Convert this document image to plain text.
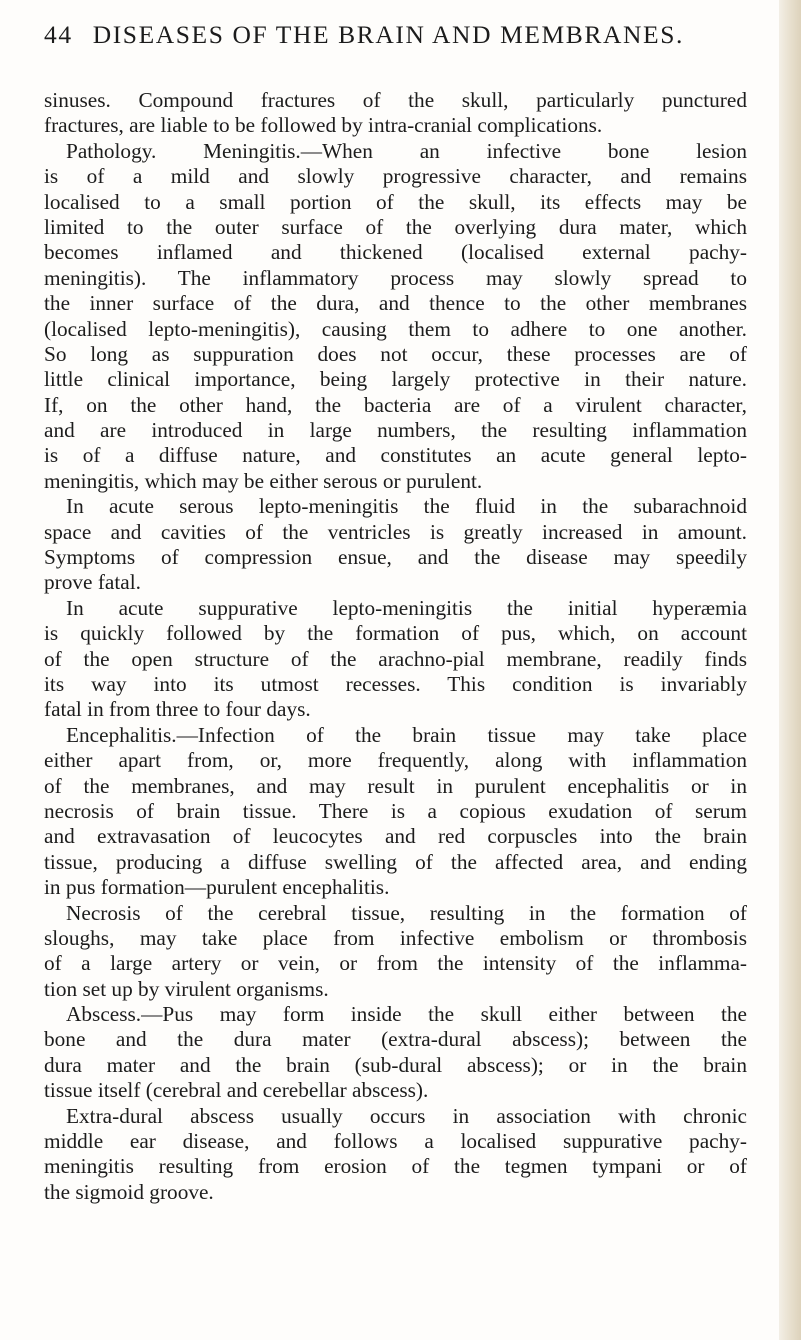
44 DISEASES OF THE BRAIN AND MEMBRANES.
sinuses. Compound fractures of the skull, particularly punctured
fractures, are liable to be followed by intra-cranial complications.
Pathology. Meningitis.—When an infective bone lesion
is of a mild and slowly progressive character, and remains
localised to a small portion of the skull, its effects may be
limited to the outer surface of the overlying dura mater, which
becomes inflamed and thickened (localised external pachy-
meningitis). The inflammatory process may slowly spread to
the inner surface of the dura, and thence to the other membranes
(localised lepto-meningitis), causing them to adhere to one another.
So long as suppuration does not occur, these processes are of
little clinical importance, being largely protective in their nature.
If, on the other hand, the bacteria are of a virulent character,
and are introduced in large numbers, the resulting inflammation
is of a diffuse nature, and constitutes an acute general lepto-
meningitis, which may be either serous or purulent.
In acute serous lepto-meningitis the fluid in the subarachnoid
space and cavities of the ventricles is greatly increased in amount.
Symptoms of compression ensue, and the disease may speedily
prove fatal.
In acute suppurative lepto-meningitis the initial hyperæmia
is quickly followed by the formation of pus, which, on account
of the open structure of the arachno-pial membrane, readily finds
its way into its utmost recesses. This condition is invariably
fatal in from three to four days.
Encephalitis.—Infection of the brain tissue may take place
either apart from, or, more frequently, along with inflammation
of the membranes, and may result in purulent encephalitis or in
necrosis of brain tissue. There is a copious exudation of serum
and extravasation of leucocytes and red corpuscles into the brain
tissue, producing a diffuse swelling of the affected area, and ending
in pus formation—purulent encephalitis.
Necrosis of the cerebral tissue, resulting in the formation of
sloughs, may take place from infective embolism or thrombosis
of a large artery or vein, or from the intensity of the inflamma-
tion set up by virulent organisms.
Abscess.—Pus may form inside the skull either between the
bone and the dura mater (extra-dural abscess); between the
dura mater and the brain (sub-dural abscess); or in the brain
tissue itself (cerebral and cerebellar abscess).
Extra-dural abscess usually occurs in association with chronic
middle ear disease, and follows a localised suppurative pachy-
meningitis resulting from erosion of the tegmen tympani or of
the sigmoid groove.
